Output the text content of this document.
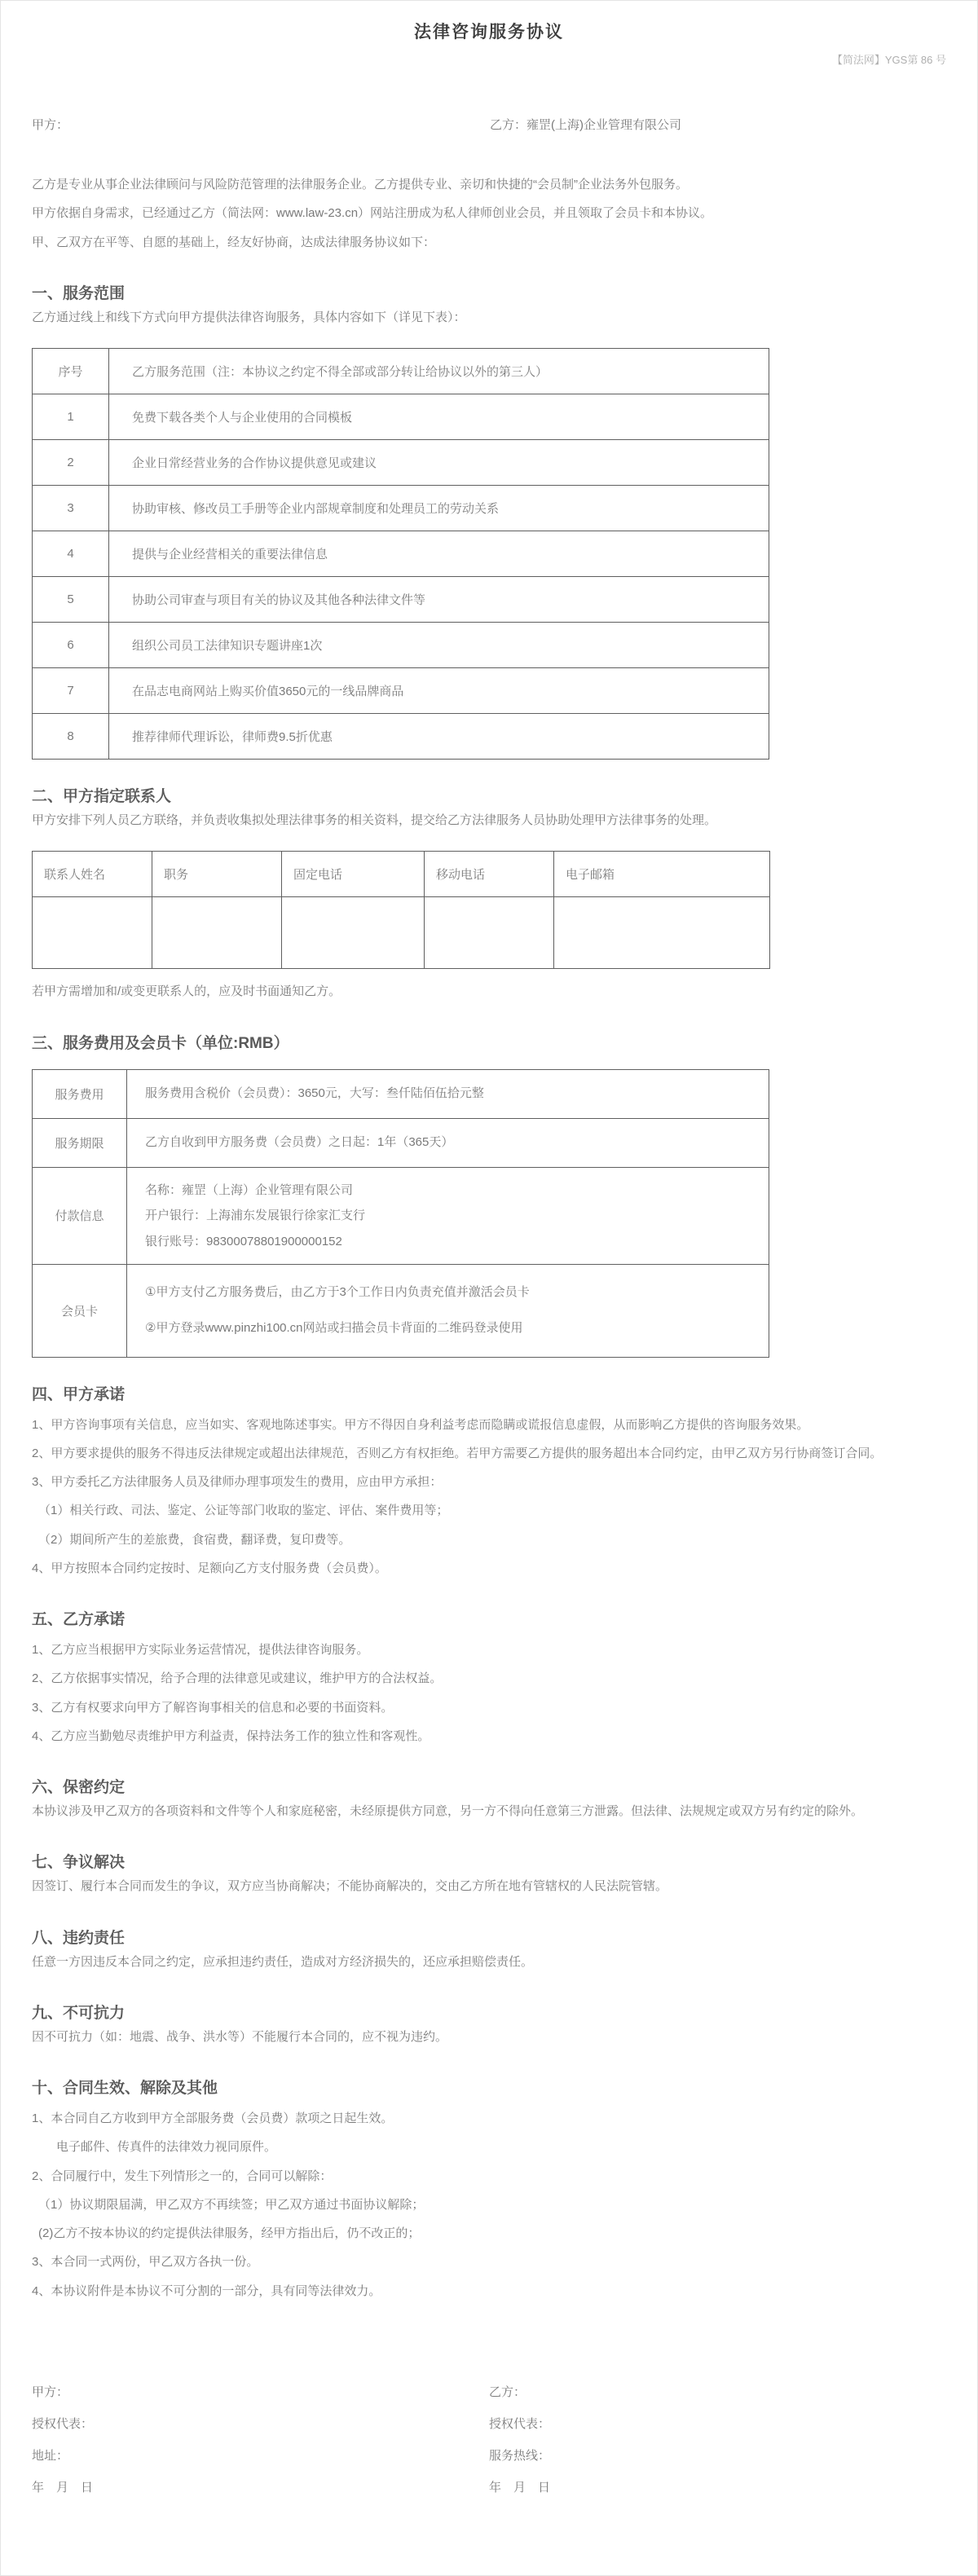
法律咨询服务协议
【简法网】YGS第 86 号
甲方：	乙方：雍罡(上海)企业管理有限公司

乙方是专业从事企业法律顾问与风险防范管理的法律服务企业。乙方提供专业、亲切和快捷的“会员制”企业法务外包服务。

甲方依据自身需求，已经通过乙方（简法网：www.law-23.cn）网站注册成为私人律师创业会员，并且领取了会员卡和本协议。

甲、乙双方在平等、自愿的基础上，经友好协商，达成法律服务协议如下：

一、服务范围

乙方通过线上和线下方式向甲方提供法律咨询服务，具体内容如下（详见下表）：

序号	乙方服务范围（注：本协议之约定不得全部或部分转让给协议以外的第三人）
1	免费下载各类个人与企业使用的合同模板
2	企业日常经营业务的合作协议提供意见或建议
3	协助审核、修改员工手册等企业内部规章制度和处理员工的劳动关系
4	提供与企业经营相关的重要法律信息
5	协助公司审查与项目有关的协议及其他各种法律文件等
6	组织公司员工法律知识专题讲座1次
7	在品志电商网站上购买价值3650元的一线品牌商品
8	推荐律师代理诉讼，律师费9.5折优惠
二、甲方指定联系人

甲方安排下列人员乙方联络，并负责收集拟处理法律事务的相关资料，提交给乙方法律服务人员协助处理甲方法律事务的处理。

联系人姓名	职务	固定电话	移动电话	电子邮箱

若甲方需增加和/或变更联系人的，应及时书面通知乙方。

三、服务费用及会员卡（单位:RMB）
服务费用	服务费用含税价（会员费）：3650元，大写：叁仟陆佰伍拾元整

服务期限	乙方自收到甲方服务费（会员费）之日起：1年（365天）

付款信息	名称：雍罡（上海）企业管理有限公司

开户银行：上海浦东发展银行徐家汇支行

银行账号：98300078801900000152

会员卡	①甲方支付乙方服务费后，由乙方于3个工作日内负责充值并激活会员卡

②甲方登录www.pinzhi100.cn网站或扫描会员卡背面的二维码登录使用

四、甲方承诺

1、甲方咨询事项有关信息，应当如实、客观地陈述事实。甲方不得因自身利益考虑而隐瞒或谎报信息虚假，从而影响乙方提供的咨询服务效果。

2、甲方要求提供的服务不得违反法律规定或超出法律规范，否则乙方有权拒绝。若甲方需要乙方提供的服务超出本合同约定，由甲乙双方另行协商签订合同。

3、甲方委托乙方法律服务人员及律师办理事项发生的费用，应由甲方承担：

（1）相关行政、司法、鉴定、公证等部门收取的鉴定、评估、案件费用等；

（2）期间所产生的差旅费，食宿费，翻译费，复印费等。

4、甲方按照本合同约定按时、足额向乙方支付服务费（会员费）。

五、乙方承诺

1、乙方应当根据甲方实际业务运营情况，提供法律咨询服务。

2、乙方依据事实情况，给予合理的法律意见或建议，维护甲方的合法权益。

3、乙方有权要求向甲方了解咨询事相关的信息和必要的书面资料。

4、乙方应当勤勉尽责维护甲方利益责，保持法务工作的独立性和客观性。

六、保密约定

本协议涉及甲乙双方的各项资料和文件等个人和家庭秘密，未经原提供方同意，另一方不得向任意第三方泄露。但法律、法规规定或双方另有约定的除外。

七、争议解决

因签订、履行本合同而发生的争议，双方应当协商解决；不能协商解决的，交由乙方所在地有管辖权的人民法院管辖。

八、违约责任

任意一方因违反本合同之约定，应承担违约责任，造成对方经济损失的，还应承担赔偿责任。

九、不可抗力

因不可抗力（如：地震、战争、洪水等）不能履行本合同的，应不视为违约。

十、合同生效、解除及其他

1、本合同自乙方收到甲方全部服务费（会员费）款项之日起生效。

电子邮件、传真件的法律效力视同原件。

2、合同履行中，发生下列情形之一的，合同可以解除：

（1）协议期限届满，甲乙双方不再续签；甲乙双方通过书面协议解除；

(2)乙方不按本协议的约定提供法律服务，经甲方指出后，仍不改正的；

3、本合同一式两份，甲乙双方各执一份。

4、本协议附件是本协议不可分割的一部分，具有同等法律效力。

甲方：

授权代表：

地址：

年　月　日

乙方：

授权代表：

服务热线：

年　月　日
